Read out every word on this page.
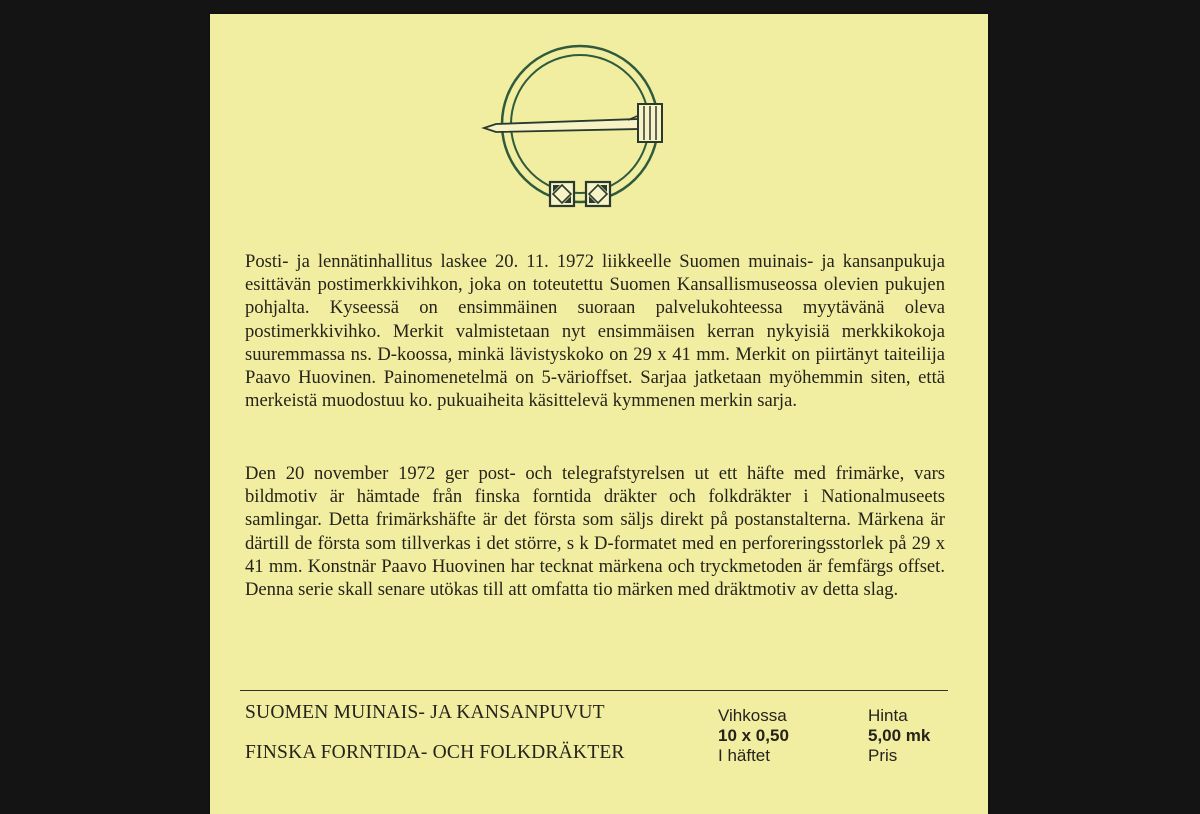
Posti- ja lennätinhallitus laskee 20. 11. 1972 liikkeelle Suomen muinais- ja kansanpukuja esittävän postimerkkivihkon, joka on toteutettu Suomen Kansallismuseossa olevien pukujen pohjalta. Kyseessä on ensimmäinen suoraan palvelukohteessa myytävänä oleva postimerkkivihko. Merkit valmistetaan nyt ensimmäisen kerran nykyisiä merkkikokoja suuremmassa ns. D-koossa, minkä lävistyskoko on 29 x 41 mm. Merkit on piirtänyt taiteilija Paavo Huovinen. Painomenetelmä on 5-värioffset. Sarjaa jatketaan myöhemmin siten, että merkeistä muodostuu ko. pukuaiheita käsittelevä kymmenen merkin sarja.

Den 20 november 1972 ger post- och telegrafstyrelsen ut ett häfte med frimärke, vars bildmotiv är hämtade från finska forntida dräkter och folkdräkter i Nationalmuseets samlingar. Detta frimärkshäfte är det första som säljs direkt på postanstalterna. Märkena är därtill de första som tillverkas i det större, s k D-formatet med en perforeringsstorlek på 29 x 41 mm. Konstnär Paavo Huovinen har tecknat märkena och tryckmetoden är femfärgs offset. Denna serie skall senare utökas till att omfatta tio märken med dräktmotiv av detta slag.

SUOMEN MUINAIS- JA KANSANPUVUT
FINSKA FORNTIDA- OCH FOLKDRÄKTER
Vihkossa
10 x 0,50
I häftet
Hinta
5,00 mk
Pris
